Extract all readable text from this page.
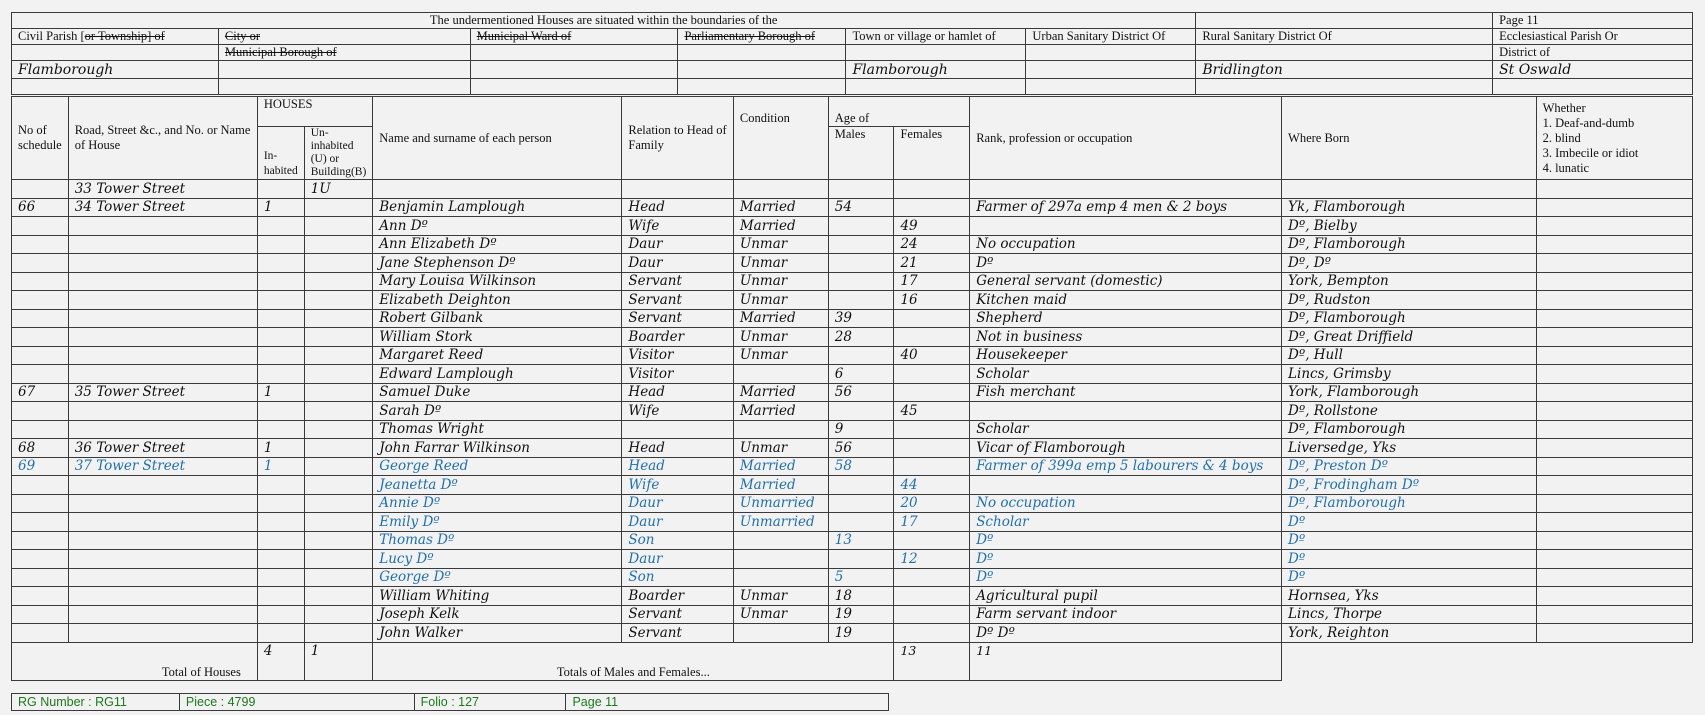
The undermentioned Houses are situated within the boundaries of the							Page 11
Civil Parish [or Township] of	City or	Municipal Ward of	Parliamentary Borough of	Town or village or hamlet of	Urban Sanitary District Of	Rural Sanitary District Of	Ecclesiastical Parish Or
	Municipal Borough of						District of
Flamborough				Flamborough		Bridlington	St Oswald

No of schedule	Road, Street &c., and No. or Name of House	HOUSES		Name and surname of each person	Relation to Head of Family	Condition	Age of		Rank, profession or occupation	Where Born	Whether
1. Deaf-and-dumb
2. blind
3. Imbecile or idiot
4. lunatic

		In-habited	Un-inhabited (U) or Building(B)				Males	Females			
	33 Tower Street		1U								
66	34 Tower Street	1		Benjamin Lamplough	Head	Married	54		Farmer of 297a emp 4 men & 2 boys	Yk, Flamborough	
				Ann Dº	Wife	Married		49		Dº, Bielby	
				Ann Elizabeth Dº	Daur	Unmar		24	No occupation	Dº, Flamborough	
				Jane Stephenson Dº	Daur	Unmar		21	Dº	Dº, Dº	
				Mary Louisa Wilkinson	Servant	Unmar		17	General servant (domestic)	York, Bempton	
				Elizabeth Deighton	Servant	Unmar		16	Kitchen maid	Dº, Rudston	
				Robert Gilbank	Servant	Married	39		Shepherd	Dº, Flamborough	
				William Stork	Boarder	Unmar	28		Not in business	Dº, Great Driffield	
				Margaret Reed	Visitor	Unmar		40	Housekeeper	Dº, Hull	
				Edward Lamplough	Visitor		6		Scholar	Lincs, Grimsby	
67	35 Tower Street	1		Samuel Duke	Head	Married	56		Fish merchant	York, Flamborough	
				Sarah Dº	Wife	Married		45		Dº, Rollstone	
				Thomas Wright			9		Scholar	Dº, Flamborough	
68	36 Tower Street	1		John Farrar Wilkinson	Head	Unmar	56		Vicar of Flamborough	Liversedge, Yks	
69	37 Tower Street	1		George Reed	Head	Married	58		Farmer of 399a emp 5 labourers & 4 boys	Dº, Preston Dº	
				Jeanetta Dº	Wife	Married		44		Dº, Frodingham Dº	
				Annie Dº	Daur	Unmarried		20	No occupation	Dº, Flamborough	
				Emily Dº	Daur	Unmarried		17	Scholar	Dº	
				Thomas Dº	Son		13		Dº	Dº	
				Lucy Dº	Daur			12	Dº	Dº	
				George Dº	Son		5		Dº	Dº	
				William Whiting	Boarder	Unmar	18		Agricultural pupil	Hornsea, Yks	
				Joseph Kelk	Servant	Unmar	19		Farm servant indoor	Lincs, Thorpe	
				John Walker	Servant		19		Dº Dº	York, Reighton	
Total of Houses		4	1	Totals of Males and Females...				13	11		
RG Number : RG11	Piece : 4799	Folio : 127	Page 11
